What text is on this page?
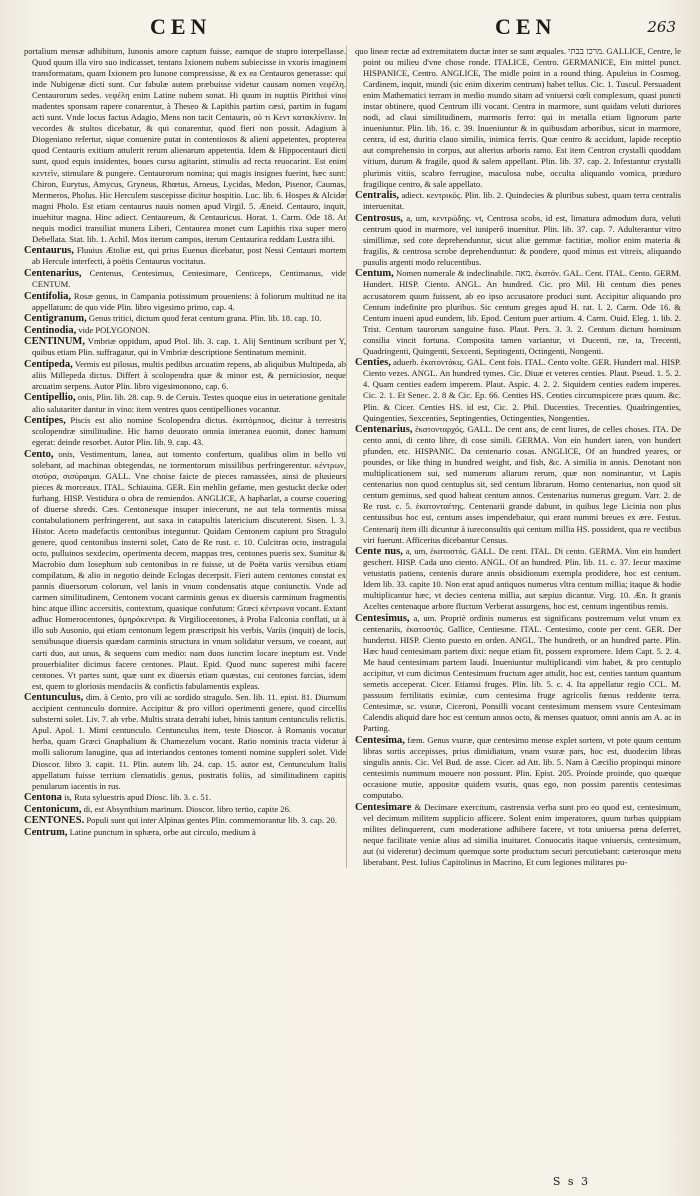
CEN	CEN	263

portalium mensæ adhibitum, Iunonis amore captum fuisse, eamque de stupro interpellasse. Quod quum illa viro suo indicasset, tentans Ixionem nubem subiecisse in vxoris imaginem transformatam, quam Ixionem pro Iunone compressisse, & ex ea Centauros generasse: qui inde Nubigenæ dicti sunt. Cur fabulæ autem præbuisse videtur causam nomen νεφέλη. Centaurorum sedes. νεφέλη enim Latine nubem sonat. Hi quum in nuptiis Pirithoi vino madentes sponsam rapere conarentur, à Theseo & Lapithis partim cæsi, partim in fugam acti sunt. Vnde locus factus Adagio, Mens non tacit Centauris, οὐ τι Κεντ κατακλίνειν. In vecordes & stultos dicebatur, & qui conarentur, quod fieri non possit. Adagium à Diogeniano refertur, sique conuenire putat in contentiosos & alieni appetentes, propterea quod Centauris exitium attulerit rerum alienarum appetentia. Idem & Hippocentauri dicti sunt, quod equis insidentes, boues cursu agitarint, stimulis ad recta reuocarint. Est enim κεντεῖν, stimulare & pungere. Centaurorum nomina; qui magis insignes fuerint, hæc sunt: Chiron, Eurytus, Amycus, Gryneus, Rhœtus, Arneus, Lycidas, Medon, Pisenor, Caumas, Mermeros, Pholus. Hic Herculem suscepisse dicitur hospitio. Luc. lib. 6. Hospes & Alcidæ magni Pholo. Est etiam centaurus nauis nomen apud Virgil. 5. Æneid. Centauro, inquit, inuehitur magna. Hinc adiect. Centaureum, & Centauricus. Horat. 1. Carm. Ode 18. At nequis modici transiliat munera Liberi, Centaurea monet cum Lapithis rixa super mero Debellata. Stat. lib. 1. Achil. Mox iterum campos, iterum Centaurica reddam Lustra tibi.

Centaurus, Fluuius Ætoliæ est, qui prius Euenus dicebatur, post Nessi Centauri mortem ab Hercule interfecti, à poëtis Centaurus vocitatus.

Centenarius, Centenus, Centesimus, Centesimare, Centiceps, Centimanus, vide CENTUM.

Centifolia, Rosæ genus, in Campania potissimum proueniens: à foliorum multitud ne ita appellatum: de quo vide Plin. libro vigesimo primo, cap. 4.

Centigranum, Genus tritici, dictum quod ferat centum grana. Plin. lib. 18. cap. 10.

Centinodia, vide POLYGONON.

CENTINUM, Vmbriæ oppidum, apud Ptol. lib. 3. cap. 1. Alij Sentinum scribunt per Y, quibus etiam Plin. suffragatur, qui in Vmbriæ descriptione Sentinatum meminit.

Centipeda, Vermis est pilosus, multis pedibus arcuatim repens, ab aliquibus Multipeda, ab aliis Millepeda dictus. Differt à scolopendra quæ & minor est, & perniciosior, neque arcuatim serpens. Autor Plin. libro vigesimonono, cap. 6.

Centipellio, onis, Plin. lib. 28. cap. 9. de Ceruis. Testes quoque eius in ueteratione genitale alio salutariter dantur in vino: item ventres quos centipelliones vocantur.

Centipes, Piscis est alio nomine Scolopendra dictus. ἑκατόμπους, dicitur à terrestris scolopendræ similitudine. Hic hamo deuorato omnia interanea euomit, donec hamum egerat: deinde resorbet. Autor Plin. lib. 9. cap. 43.

Cento, onis, Vestimentum, lanea, aut tomento confertum, qualibus olim in bello vti solebant, ad machinas obtegendas, ne tormentorum missilibus perfringerentur. κέντρων, σισύρα, σισύραιμα. GALL. Vne choise faicte de pieces ramassées, ainsi de plusieurs pieces & morceaux. ITAL. Schiauina. GER. Ein mehlin gefame, men gestuckt decke oder furhang. HISP. Vestidura o obra de remiendos. ANGLICE, A hapharlat, a course couering of diuerse shreds. Cæs. Centonesque insuper iniecerunt, ne aut tela tormentis missa contabulationem perfringerent, aut saxa in catapultis latericium discuterent. Sisen. l. 3. Histor. Aceto madefactis centonibus integuntur. Quidam Centonem capiunt pro Stragulo genere, quod centonibus insterni solet, Cato de Re rust. c. 10. Culcitras octo, instragula octo, pulluinos sexdecim, operimenta decem, mappas tres, centones pueris sex. Sumitur & Macrobio dum Iosephum sub centonibus in re fuisse, ut de Poëta variis versibus etiam compilatum, & alio in negotio deinde Eclogas decerpsit. Fieri autem centones constat ex pannis diuersorum colorum, vel lanis in vnum condensatis atque coniunctis. Vnde ad carmen similitudinem, Centonem vocant carminis genus ex diuersis carminum fragmentis hinc atque illinc accersitis, contextum, quasique confutum: Græci κέντρωνα vocant. Extant adhuc Homerocentones, ὁμηρόκεντρα. & Virgiliocentones, à Proba Falconia conflati, ut à illo sub Ausonio, qui etiam centonum legem præscripsit his verbis, Variis (inquit) de locis, sensibusque diuersis quædam carminis structura in vnum solidatur versum, ve coeant, aut carti duo, aut unus, & sequens cum medio: nam duos iunctim locare ineptum est. Vnde prouerbialiter dicimus facere centones. Plaut. Epid. Quod nunc superest mihi facere centones. Vt partes sunt, quæ sunt ex diuersis etiam quæstas, cui centones farcias, idem est, quem to gloriosis mendaciis & confictis fabulamentis expleas.

Centunculus, dim. à Cento, pro vili ac sordido stragulo. Sen. lib. 11. epist. 81. Diurnum accipient centunculo dormire. Accipitur & pro villori operimenti genere, quod circellis substerni solet. Liv. 7. ab vrbe. Multis strata detrahi iubet, binis tantum centunculis relictis. Apul. Apol. 1. Mimi centunculo. Centunculus item, teste Dioscor. à Romanis vocatur herba, quam Græci Gnaphalium & Chamezelum vocant. Ratio nominis tracta videtur à molli saliorum lanugine, qua ad interiandos centones tomenti nomine suppleri solet. Vide Dioscor. libro 3. capit. 11. Plin. autem lib. 24. cap. 15. autor est, Centunculum Italis appellatum fuisse terrium clematidis genus, postratis foliis, ad similitudinem capitis penularum iacentis in rus.

Centona is, Ruta syluestris apud Diosc. lib. 3. c. 51.

Centonicum, di, est Absynthium marinum. Dioscor. libro tertio, capite 26.

CENTONES. Populi sunt qui inter Alpinas gentes Plin. commemorantur lib. 3. cap. 20.

Centrum, Latine punctum in sphæra, orbe aut circulo, medium à

quo lineæ rectæ ad extremitatem ductæ inter se sunt æquales. מרכז בבתי. GALLICE, Centre, le point ou milieu d'vne chose ronde. ITALICE, Centro. GERMANICE, Ein mittel punct. HISPANICE, Centro. ANGLICE, The midle point in a round thing. Apuleius in Cosmog. Cardinem, inquit, mundi (sic enim dixerim centrum) habet tellus. Cic. 1. Tuscul. Persuadent enim Mathematici terram in medio mundo sitam ad vniuersi cœli complexum, quasi puncti instar obtinere, quod Centrum illi vocant. Centra in marmore, sunt quidam veluti duriores nodi, ad claui similitudinem, marmoris ferro: qui in metalla etiam lignorum parte inueniuntur. Plin. lib. 16. c. 39. Inueniuntur & in quibusdam arboribus, sicut in marmore, centra, id est, duritia clauo similis, inimica ferris. Quæ centro & accidunt, lapide receptio aut comprehensio in corpus, aut alterius arboris ramo. Est item Centron crystalli quoddam vitium, durum & fragile, quod & salem appellant. Plin. lib. 37. cap. 2. Infestantur crystalli plurimis vitiis, scabro ferrugine, maculosa nube, occulta aliquando vomica, præduro fragilique centro, & sale appellato.

Centralis, adiect. κεντρικός. Plin. lib. 2. Quindecies & pluribus subest, quam terra centralis interuenitat.

Centrosus, a, um, κεντρώδης. vt, Centrosa scobs, id est, limatura admodum dura, veluti centrum quod in marmore, vel iuniperō inuenitur. Plin. lib. 37. cap. 7. Adulterantur vitro simillimæ, sed cote deprehenduntur, sicut aliæ gemmæ factitiæ, molior enim materia & fragilis, & centrosa scrobe deprehenduntur: & pondere, quod minus est vitreis, aliquando pusulis argenti modo relucentibus.

Centum, Nomen numerale & indeclinabile. מאה. ἑκατόν. GAL. Cent. ITAL. Cento. GERM. Hundert. HISP. Ciento. ANGL. An hundred. Cic. pro Mil. Hi centum dies penes accusatorem quum fuissent, ab eo ipso accusatore produci sunt. Accipitur aliquando pro Centum indefinite pro pluribus. Sic centum greges apud H. rat. l. 2. Carm. Ode 16. & Centum inueni apud eundem, lib. Epod. Centum puer artium. 4. Carm. Ouid. Eleg. 1. lib. 2. Trist. Centum taurorum sanguine fuso. Plaut. Pers. 3. 3. 2. Centum dictum hominum consilia vincit fortuna. Composita tamen variantur, vt Ducenti, ræ, ta, Trecenti, Quadringenti, Quingenti, Sexcenti, Septingenti, Octingenti, Nongenti.

Centies, aduerb. ἑκατοντάκις. GAL. Cent fois. ITAL. Cento volte. GER. Hundert mal. HISP. Ciento vezes. ANGL. An hundred tymes. Cic. Diuæ et veteres centies. Plaut. Pseud. 1. 5. 2. 4. Quam centies eadem imperem. Plaut. Aspic. 4. 2. 2. Siquidem centies eadem imperes. Cic. 2. 1. Et Senec. 2. 8 & Cic. Ep. 66. Centies HS. Centies circumspicere præs quum. &c. Plin. & Cicer. Centies HS. id est, Cic. 2. Phil. Ducenties. Trecenties. Quadringenties, Quingenties, Sexcenties, Septingenties, Octingenties, Nongenties.

Centenarius, ἑκατονταρχός. GALL. De cent ans, de cent liures, de celles choses. ITA. De cento anni, di cento libre, di cose simili. GERMA. Von ein hundert iaren, von hundert pfunden, etc. HISPANIC. Da centenario cosas. ANGLICE, Of an hundred yeares, or poundes, or like thing in hundred weight, and fish, &c. A similia in annis. Denotant non multiplicationem sui, sed numerum aliarum rerum, quæ non nominantur, vt Lapis centenarius non quod centuplus sit, sed centum librarum. Homo centenarius, non quod sit centum geminus, sed quod habeat centum annos. Centenarius numerus gregum. Varr. 2. de Re rust. c. 5. ἑκατονταέτης. Centenarii grande dabunt, in quibus lege Licinia non plus centussibus hoc est, centum asses impendebatur, qui erant nummi breues ex ære. Festus. Centenarij item illi dicuntur à iureconsultis qui centum millia HS. possident, qua re vectibus viri fuerunt. Afficerius dicebantur Census.

Cente nus, a, um, ἑκατοστός. GALL. De cent. ITAL. Di cento. GERMA. Von ein hundert geschert. HISP. Cada uno ciento. ANGL. Of an hundred. Plin. lib. 11. c. 37. Iecur maxime vetustatis patiens, centenis durare annis obsidionum exempla prodidere, hoc est centum. Idem lib. 33. capite 10. Non erat apud antiquos numerus vltra centum millia; itaque & hodie multiplicantur hæc, vt decies centena millia, aut sæpius dicantur. Virg. 10. Æn. It granis Aceltes centenaque arbore fluctum Verberat assurgens, hoc est, centum ingentibus remis.

Centesimus, a, um. Propriè ordinis numerus est significans postremum velut vnum ex centenariis, ἑκατοστός. Gallice, Centiesme. ITAL. Centesimo, conte per cent. GER. Der hundertst. HISP. Ciento puesto en orden. ANGL. The hundreth, or an hundred parte. Plin. Hæc haud centesimam partem dixi: neque etiam fit, possem expromere. Idem Capt. 5. 2. 4. Me haud centesimam partem laudi. Inueniuntur multiplicandi vim habet, & pro centuplo accipitur, vt cum dicimus Centesimum fructum ager attulit, hoc est, centies tantum quantum semetis acceperat. Cicer. Etiamsi fruges. Plin. lib. 5. c. 4. Ita appellatur regio CCL. M. passuum fertilitatis eximiæ, cum centesima fruge agricolis fœnus reddente terra. Centesimæ, sc. vsuræ, Ciceroni, Ponsilli vocant centesimum mensem vsure Centesimam Calendis aliquid dare hoc est centum annos octo, & menses quatuor, omni annis am A. ac in Parting.

Centesima, fæm. Genus vsuræ, quæ centesimo mense explet sortem, vt pote quum centum libras sortis accepisses, prius dimidiatum, vnam vsuræ pars, hoc est, duodecim libras singulis annis. Cic. Vel Bud. de asse. Cicer. ad Att. lib. 5. Nam à Cæcilio propinqui minore centesimis nummum mouere non possunt. Plin. Epist. 205. Proinde proinde, quo quæque occasione mutie, appositæ quidem vsuris, quas ego, non possim parentis centesimas computabo.

Centesimare & Decimare exercitum, castrensia verba sunt pro eo quod est, centesimum, vel decimum militem supplicio afficere. Solent enim imperatores, quum turbas quippiam milites delinquerent, cum moderatione adhibere facere, vt tota uniuersa pœna deferret, neque facilitate veniæ alius ad similia inuitaret. Conuocatis itaque vniuersis, centesimum, aut (si videretur) decimum quemque sorte productum securi percutiebant: cæterosque metu liberabant. Pest. Iulius Capitolinus in Macrino, Et cum legiones militares pu-

S s 3
